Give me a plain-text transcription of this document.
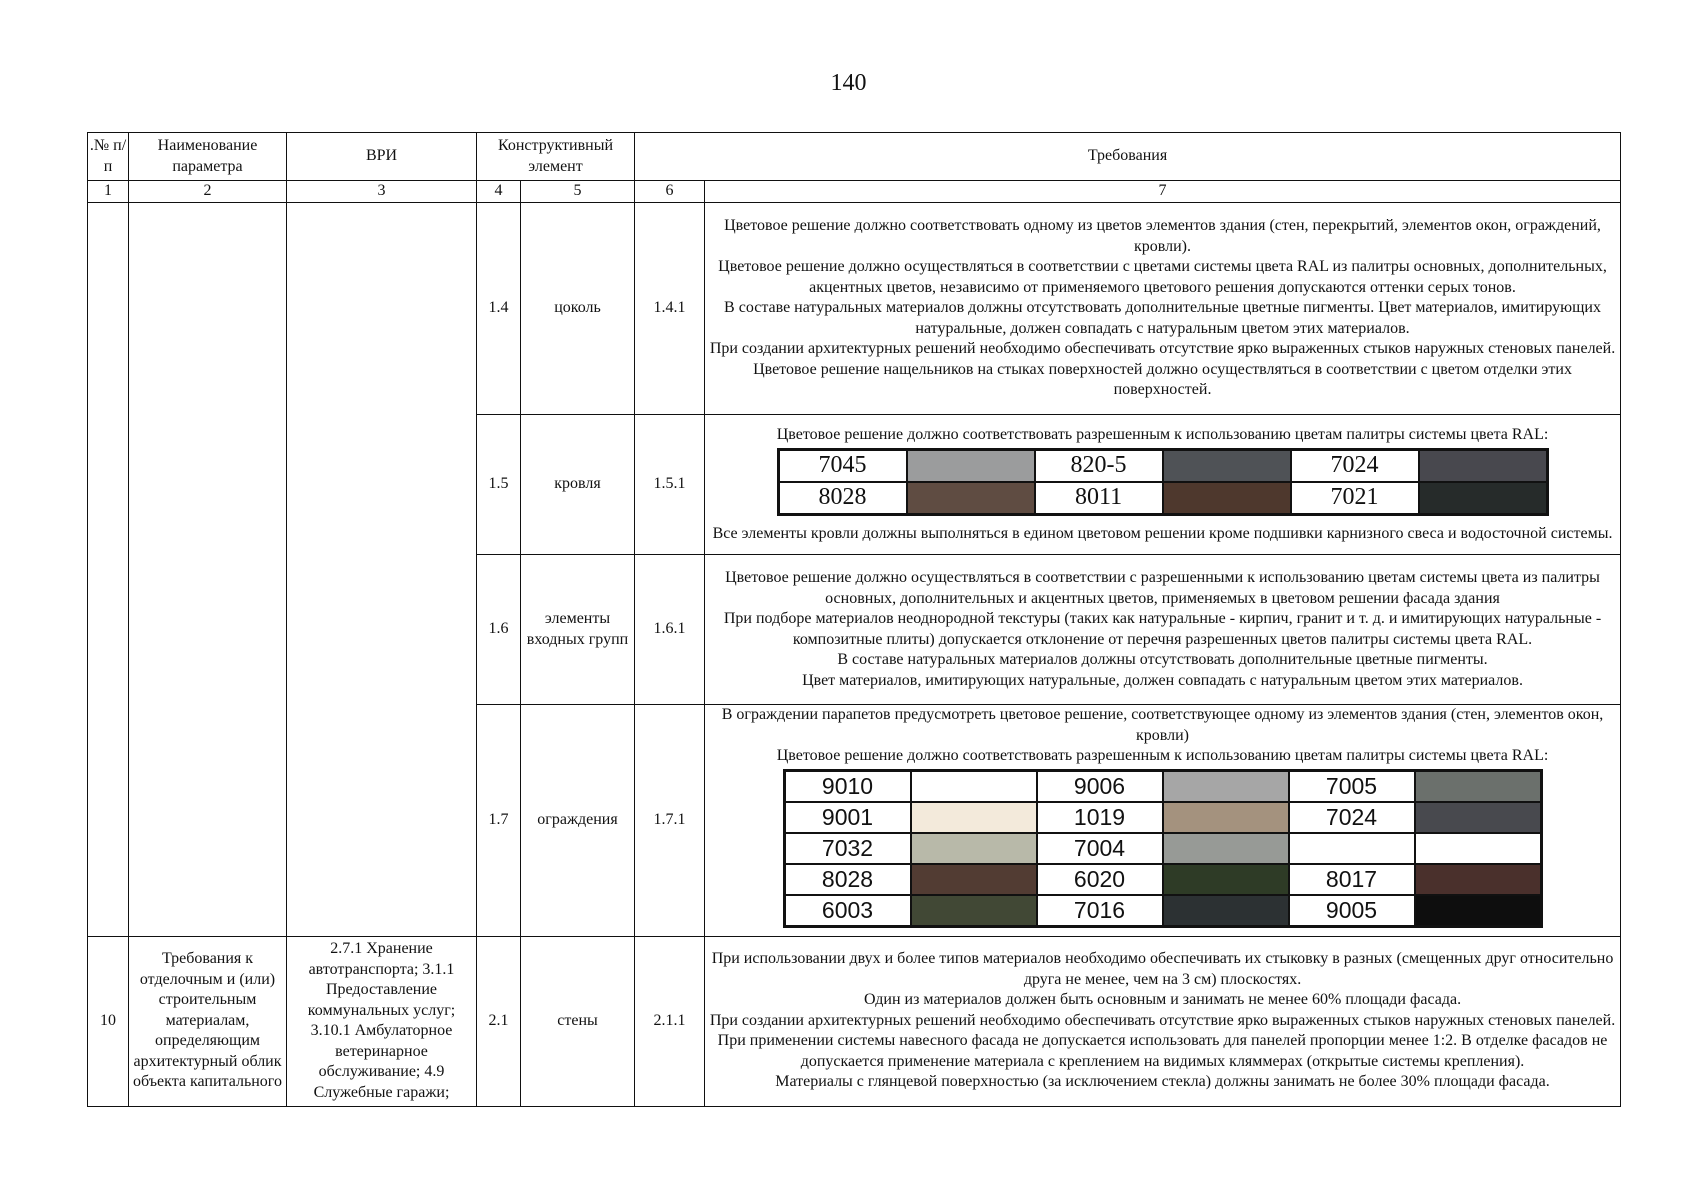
140
.№ п/п	Наименование параметра	ВРИ	Конструктивный элемент	Требования
1	2	3	4	5	6	7
			1.4	цоколь	1.4.1	

Цветовое решение должно соответствовать одному из цветов элементов здания (стен, перекрытий, элементов окон, ограждений, кровли).

Цветовое решение должно осуществляться в соответствии с цветами системы цвета RAL из палитры основных, дополнительных, акцентных цветов, независимо от применяемого цветового решения допускаются оттенки серых тонов.

В составе натуральных материалов должны отсутствовать дополнительные цветные пигменты. Цвет материалов, имитирующих натуральные, должен совпадать с натуральным цветом этих материалов.

При создании архитектурных решений необходимо обеспечивать отсутствие ярко выраженных стыков наружных стеновых панелей. Цветовое решение нащельников на стыках поверхностей должно осуществляться в соответствии с цветом отделки этих поверхностей.

1.5	кровля	1.5.1	

Цветовое решение должно соответствовать разрешенным к использованию цветам палитры системы цвета RAL:

7045		820-5		7024	
8028		8011		7021	

Все элементы кровли должны выполняться в едином цветовом решении кроме подшивки карнизного свеса и водосточной системы.

1.6	элементы входных групп	1.6.1	

Цветовое решение должно осуществляться в соответствии с разрешенными к использованию цветам системы цвета из палитры основных, дополнительных и акцентных цветов, применяемых в цветовом решении фасада здания

При подборе материалов неоднородной текстуры (таких как натуральные - кирпич, гранит и т. д. и имитирующих натуральные - композитные плиты) допускается отклонение от перечня разрешенных цветов палитры системы цвета RAL.

В составе натуральных материалов должны отсутствовать дополнительные цветные пигменты.

Цвет материалов, имитирующих натуральные, должен совпадать с натуральным цветом этих материалов.

1.7	ограждения	1.7.1	

В ограждении парапетов предусмотреть цветовое решение, соответствующее одному из элементов здания (стен, элементов окон, кровли)

Цветовое решение должно соответствовать разрешенным к использованию цветам палитры системы цвета RAL:

9010		9006		7005	
9001		1019		7024	
7032		7004			
8028		6020		8017	
6003		7016		9005	

10	Требования к отделочным и (или) строительным материалам, определяющим архитектурный облик объекта капитального	2.7.1 Хранение автотранспорта; 3.1.1 Предоставление коммунальных услуг; 3.10.1 Амбулаторное ветеринарное обслуживание; 4.9 Служебные гаражи;	2.1	стены	2.1.1	

При использовании двух и более типов материалов необходимо обеспечивать их стыковку в разных (смещенных друг относительно друга не менее, чем на 3 см) плоскостях.

Один из материалов должен быть основным и занимать не менее 60% площади фасада.

При создании архитектурных решений необходимо обеспечивать отсутствие ярко выраженных стыков наружных стеновых панелей.

При применении системы навесного фасада не допускается использовать для панелей пропорции менее 1:2. В отделке фасадов не допускается применение материала с креплением на видимых кляммерах (открытые системы крепления).

Материалы с глянцевой поверхностью (за исключением стекла) должны занимать не более 30% площади фасада.
